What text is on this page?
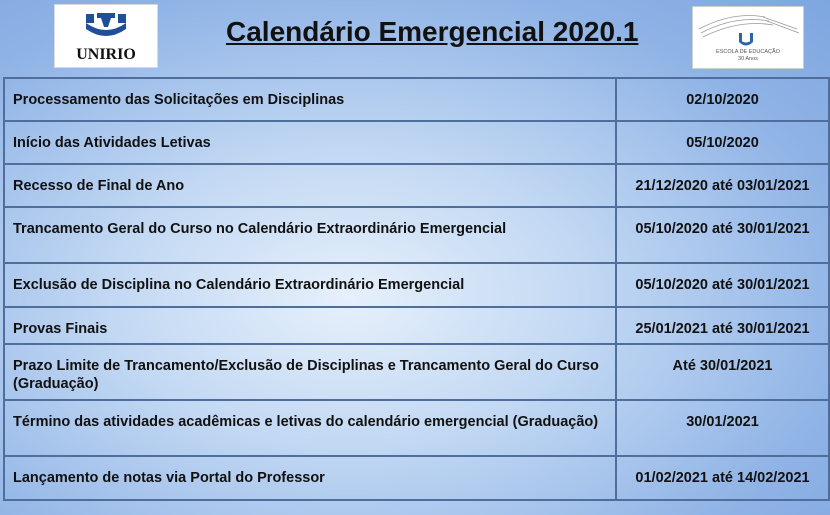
UNIRIO
Calendário Emergencial 2020.1
ESCOLA DE EDUCAÇÃO
30 Anos
Processamento das Solicitações em Disciplinas	02/10/2020
Início das Atividades Letivas	05/10/2020
Recesso de Final de Ano	21/12/2020 até 03/01/2021
Trancamento Geral do Curso no Calendário Extraordinário Emergencial	05/10/2020 até 30/01/2021
Exclusão de Disciplina no Calendário Extraordinário Emergencial	05/10/2020 até 30/01/2021
Provas Finais	25/01/2021 até 30/01/2021
Prazo Limite de Trancamento/Exclusão de Disciplinas e Trancamento Geral do Curso (Graduação)	Até 30/01/2021
Término das atividades acadêmicas e letivas do calendário emergencial (Graduação)	30/01/2021
Lançamento de notas via Portal do Professor	01/02/2021 até 14/02/2021
